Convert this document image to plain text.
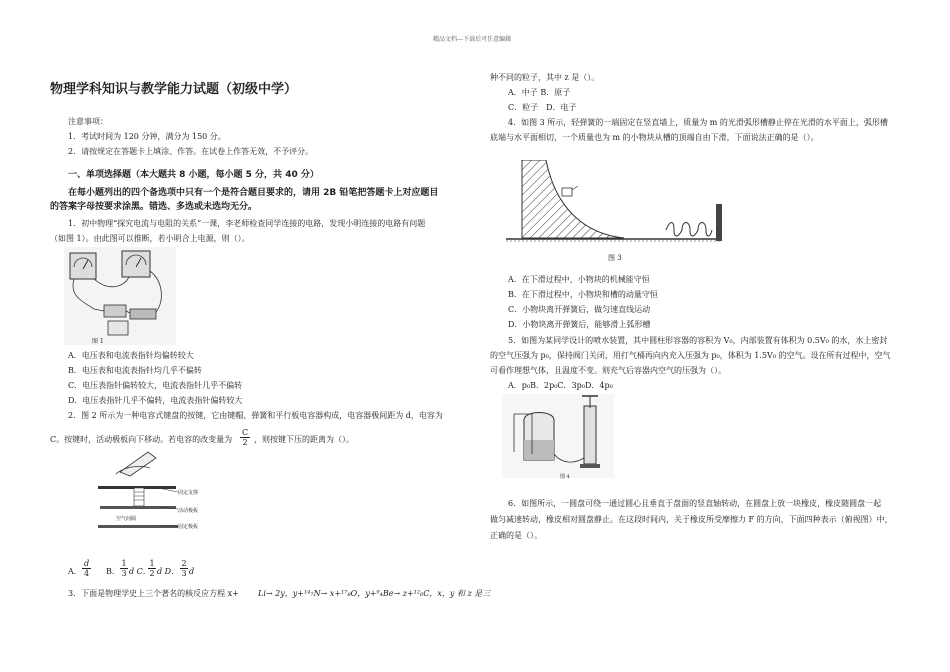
精品文档---下载后可任意编辑
物理学科知识与教学能力试题（初级中学）
注意事项：
1．考试时间为 120 分钟，满分为 150 分。
2．请按规定在答题卡上填涂、作答。在试卷上作答无效，不予评分。
一、单项选择题（本大题共 8 小题，每小题 5 分，共 40 分）
在每小题列出的四个备选项中只有一个是符合题目要求的，请用 2B 铅笔把答题卡上对应题目
的答案字母按要求涂黑。错选、多选或未选均无分。
1．初中物理“探究电流与电阻的关系”一课，李老师检查同学连接的电路，发现小明连接的电路有问题
（如图 1）。由此图可以推断，若小明合上电源，则（）。
图 1
A．电压表和电流表指针均偏转较大
B．电压表和电流表指针均几乎不偏转
C．电压表指针偏转较大，电流表指针几乎不偏转
D．电压表指针几乎不偏转，电流表指针偏转较大
2．图 2 所示为一种电容式键盘的按键，它由键帽、弹簧和平行板电容器构成，电容器极间距为 d，电容为
C。按键时，活动极板向下移动。若电容的改变量为 $\frac{C}{2}$ ，则按键下压的距离为（）。
固定支撑
活动极板
空气间隔
固定极板
A． $\frac{d}{4}$ B． $\frac{1}{3}$ d C．
$\frac{1}{2}$ d D． $\frac{2}{3}$ d
3．下面是物理学史上三个著名的核反应方程 x+ Li→ 2y，y+¹⁴₇N→ x+¹⁷₈O，y+⁹₄Be→ z+¹²₆C，x，y 和 z 是三
种不同的粒子，其中 z 是（）。
A．中子 B．原子
C．粒子　D．电子
4．如图 3 所示，轻弹簧的一端固定在竖直墙上，质量为 m 的光滑弧形槽静止停在光滑的水平面上，弧形槽
底端与水平面相切，一个质量也为 m 的小物块从槽的顶端自由下滑，下面说法正确的是（）。
图 3
A．在下滑过程中，小物块的机械能守恒
B．在下滑过程中，小物块和槽的动量守恒
C．小物块离开弹簧后，做匀速直线运动
D．小物块离开弹簧后，能够滑上弧形槽
5．如图为某同学设计的喷水装置，其中圆柱形容器的容积为 V₀，内部装置有体积为 0.5V₀ 的水，水上密封
的空气压强为 p₀，保持阀门关闭，用打气桶再向内充入压强为 p₀，体积为 1.5V₀ 的空气。设在所有过程中，空气
可看作理想气体，且温度不变。则充气后容器内空气的压强为（）。
A．p₀B．2p₀C．3p₀D．4p₀
图 4
6．如图所示，一圆盘可绕一通过圆心且垂直于盘面的竖直轴转动，在圆盘上放一块橡皮，橡皮随圆盘一起
做匀减速转动，橡皮相对圆盘静止。在这段时间内，关于橡皮所受摩擦力 F 的方向，下面四种表示（俯视图）中，
正确的是（）。
